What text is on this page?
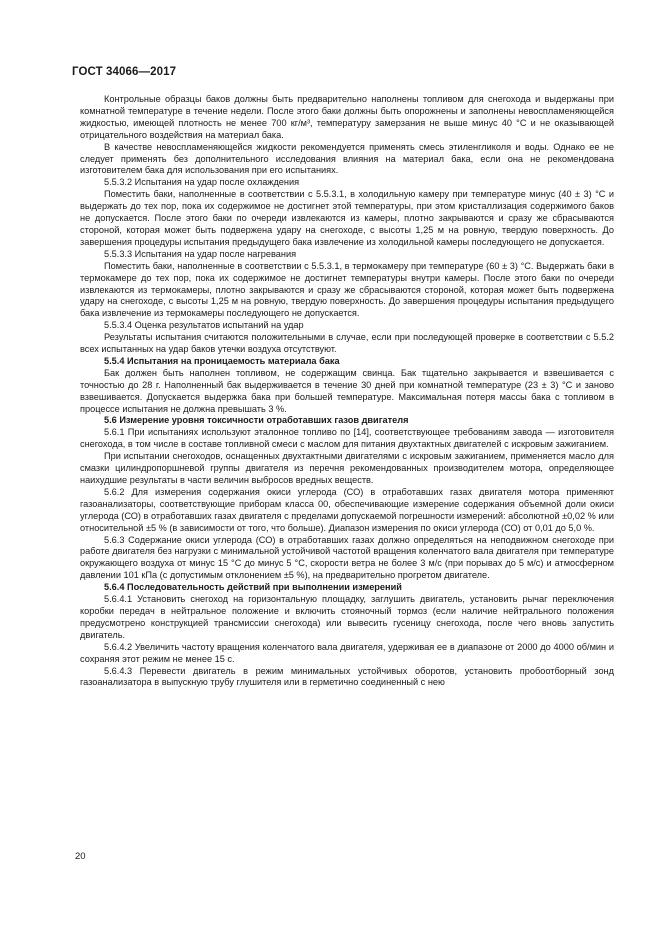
ГОСТ 34066—2017

Контрольные образцы баков должны быть предварительно наполнены топливом для снегохода и выдержаны при комнатной температуре в течение недели. После этого баки должны быть опорожнены и заполнены невоспламеняющейся жидкостью, имеющей плотность не менее 700 кг/м³, температуру замерзания не выше минус 40 °С и не оказывающей отрицательного воздействия на материал бака.

В качестве невоспламеняющейся жидкости рекомендуется применять смесь этиленгликоля и воды. Однако ее не следует применять без дополнительного исследования влияния на материал бака, если она не рекомендована изготовителем бака для использования при его испытаниях.

5.5.3.2 Испытания на удар после охлаждения

Поместить баки, наполненные в соответствии с 5.5.3.1, в холодильную камеру при температуре минус (40 ± 3) °С и выдержать до тех пор, пока их содержимое не достигнет этой температуры, при этом кристаллизация содержимого баков не допускается. После этого баки по очереди извлекаются из камеры, плотно закрываются и сразу же сбрасываются стороной, которая может быть подвержена удару на снегоходе, с высоты 1,25 м на ровную, твердую поверхность. До завершения процедуры испытания предыдущего бака извлечение из холодильной камеры последующего не допускается.

5.5.3.3 Испытания на удар после нагревания

Поместить баки, наполненные в соответствии с 5.5.3.1, в термокамеру при температуре (60 ± 3) °С. Выдержать баки в термокамере до тех пор, пока их содержимое не достигнет температуры внутри камеры. После этого баки по очереди извлекаются из термокамеры, плотно закрываются и сразу же сбрасываются стороной, которая может быть подвержена удару на снегоходе, с высоты 1,25 м на ровную, твердую поверхность. До завершения процедуры испытания предыдущего бака извлечение из термокамеры последующего не допускается.

5.5.3.4 Оценка результатов испытаний на удар

Результаты испытания считаются положительными в случае, если при последующей проверке в соответствии с 5.5.2 всех испытанных на удар баков утечки воздуха отсутствуют.

5.5.4 Испытания на проницаемость материала бака

Бак должен быть наполнен топливом, не содержащим свинца. Бак тщательно закрывается и взвешивается с точностью до 28 г. Наполненный бак выдерживается в течение 30 дней при комнатной температуре (23 ± 3) °С и заново взвешивается. Допускается выдержка бака при большей температуре. Максимальная потеря массы бака с топливом в процессе испытания не должна превышать 3 %.

5.6 Измерение уровня токсичности отработавших газов двигателя

5.6.1 При испытаниях используют эталонное топливо по [14], соответствующее требованиям завода — изготовителя снегохода, в том числе в составе топливной смеси с маслом для питания двухтактных двигателей с искровым зажиганием.

При испытании снегоходов, оснащенных двухтактными двигателями с искровым зажиганием, применяется масло для смазки цилиндропоршневой группы двигателя из перечня рекомендованных производителем мотора, определяющее наихудшие результаты в части величин выбросов вредных веществ.

5.6.2 Для измерения содержания окиси углерода (СО) в отработавших газах двигателя мотора применяют газоанализаторы, соответствующие приборам класса 00, обеспечивающие измерение содержания объемной доли окиси углерода (СО) в отработавших газах двигателя с пределами допускаемой погрешности измерений: абсолютной ±0,02 % или относительной ±5 % (в зависимости от того, что больше). Диапазон измерения по окиси углерода (СО) от 0,01 до 5,0 %.

5.6.3 Содержание окиси углерода (СО) в отработавших газах должно определяться на неподвижном снегоходе при работе двигателя без нагрузки с минимальной устойчивой частотой вращения коленчатого вала двигателя при температуре окружающего воздуха от минус 15 °С до минус 5 °С, скорости ветра не более 3 м/с (при порывах до 5 м/с) и атмосферном давлении 101 кПа (с допустимым отклонением ±5 %), на предварительно прогретом двигателе.

5.6.4 Последовательность действий при выполнении измерений

5.6.4.1 Установить снегоход на горизонтальную площадку, заглушить двигатель, установить рычаг переключения коробки передач в нейтральное положение и включить стояночный тормоз (если наличие нейтрального положения предусмотрено конструкцией трансмиссии снегохода) или вывесить гусеницу снегохода, после чего вновь запустить двигатель.

5.6.4.2 Увеличить частоту вращения коленчатого вала двигателя, удерживая ее в диапазоне от 2000 до 4000 об/мин и сохраняя этот режим не менее 15 с.

5.6.4.3 Перевести двигатель в режим минимальных устойчивых оборотов, установить пробоотборный зонд газоанализатора в выпускную трубу глушителя или в герметично соединенный с нею

20
